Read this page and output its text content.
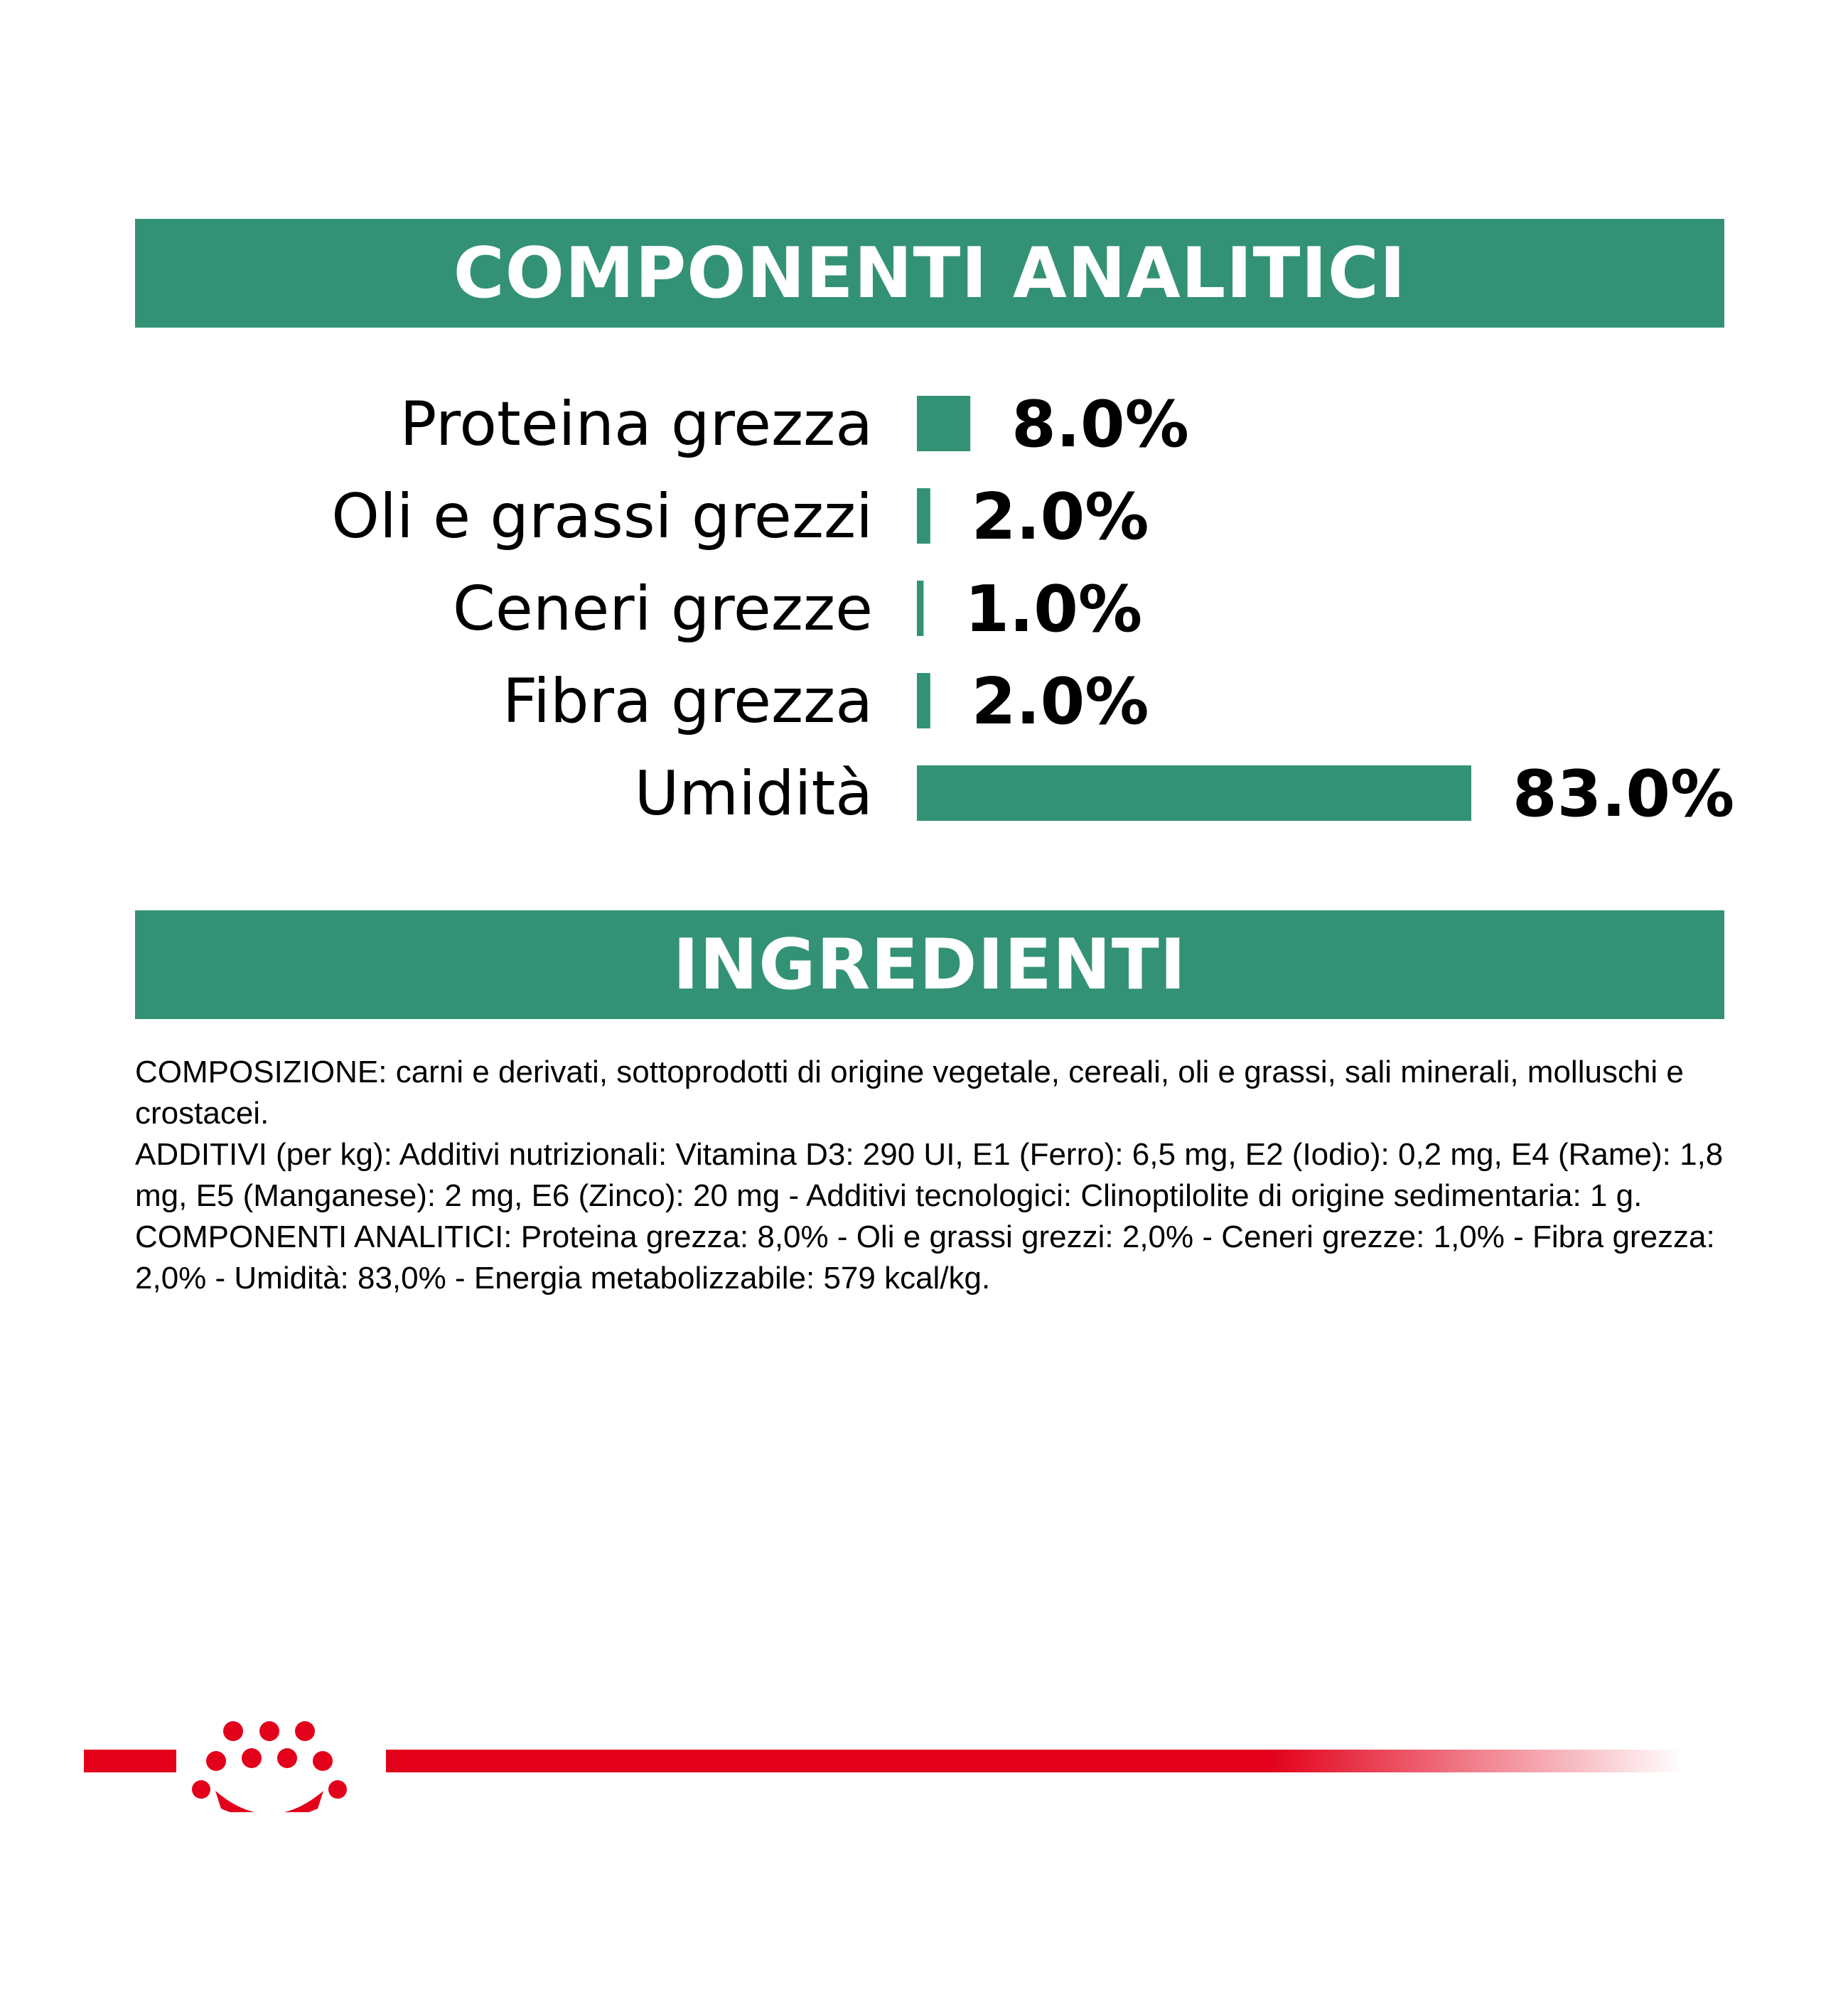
COMPONENTI ANALITICI
Proteina grezza 8.0%
Oli e grassi grezzi 2.0%
Ceneri grezze 1.0%
Fibra grezza 2.0%
Umidità	83.0%
INGREDIENTI

COMPOSIZIONE: carni e derivati, sottoprodotti di origine vegetale, cereali, oli e grassi, sali minerali, molluschi e crostacei.

ADDITIVI (per kg): Additivi nutrizionali: Vitamina D3: 290 UI, E1 (Ferro): 6,5 mg, E2 (Iodio): 0,2 mg, E4 (Rame): 1,8 mg, E5 (Manganese): 2 mg, E6 (Zinco): 20 mg - Additivi tecnologici: Clinoptilolite di origine sedimentaria: 1 g.

COMPONENTI ANALITICI: Proteina grezza: 8,0% - Oli e grassi grezzi: 2,0% - Ceneri grezze: 1,0% - Fibra grezza: 2,0% - Umidità: 83,0% - Energia metabolizzabile: 579 kcal/kg.
